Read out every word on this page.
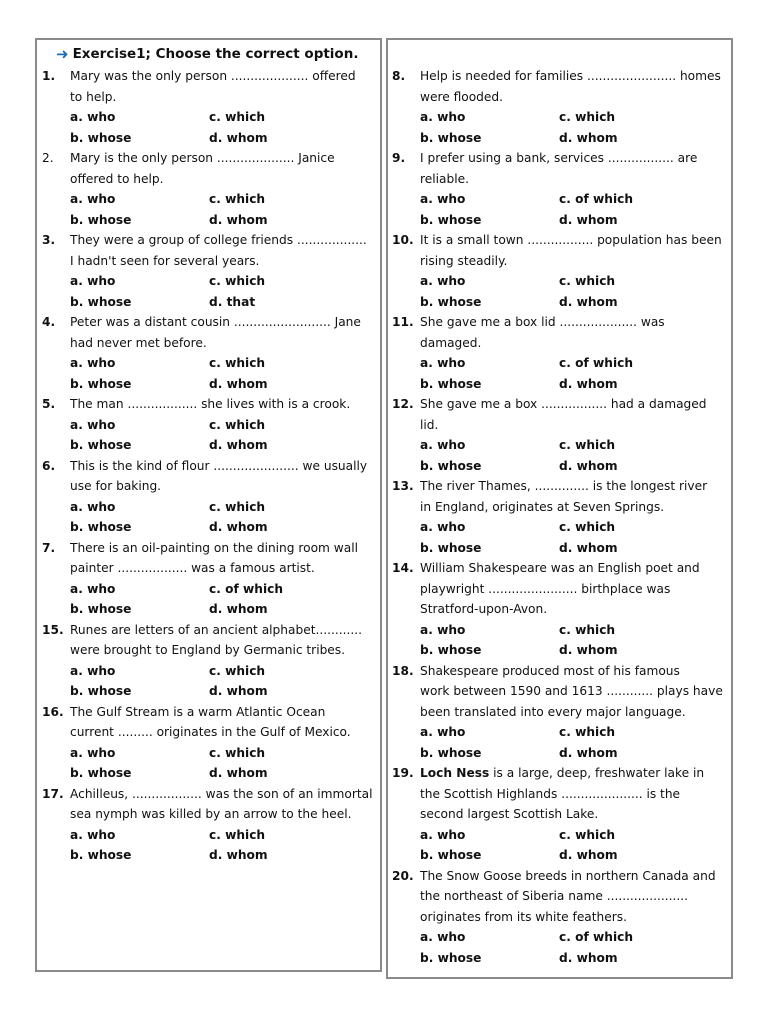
➜ Exercise1; Choose the correct option.
1.	Mary was the only person .................... offered
to help.
a. who	c. which
b. whose	d. whom
2.	Mary is the only person .................... Janice
offered to help.
a. who	c. which
b. whose	d. whom
3.	They were a group of college friends ..................
I hadn't seen for several years.
a. who	c. which
b. whose	d. that
4.	Peter was a distant cousin ......................... Jane
had never met before.
a. who	c. which
b. whose	d. whom
5.	The man .................. she lives with is a crook.
a. who	c. which
b. whose	d. whom
6.	This is the kind of flour ...................... we usually
use for baking.
a. who	c. which
b. whose	d. whom
7.	There is an oil-painting on the dining room wall
painter .................. was a famous artist.
a. who	c. of which
b. whose	d. whom
15. Runes are letters of an ancient alphabet............
were brought to England by Germanic tribes.
a. who	c. which
b. whose	d. whom
16. The Gulf Stream is a warm Atlantic Ocean
current ......... originates in the Gulf of Mexico.
a. who	c. which
b. whose	d. whom
17. Achilleus, .................. was the son of an immortal
sea nymph was killed by an arrow to the heel.
a. who	c. which
b. whose	d. whom
8.	Help is needed for families ....................... homes
were flooded.
a. who	c. which
b. whose	d. whom
9.	I prefer using a bank, services ................. are
reliable.
a. who	c. of which
b. whose	d. whom
10. It is a small town ................. population has been
rising steadily.
a. who	c. which
b. whose	d. whom
11. She gave me a box lid .................... was damaged.
a. who	c. of which
b. whose	d. whom
12. She gave me a box ................. had a damaged lid.
a. who	c. which
b. whose	d. whom
13. The river Thames, .............. is the longest river
in England, originates at Seven Springs.
a. who	c. which
b. whose	d. whom
14. William Shakespeare was an English poet and
playwright ....................... birthplace was
Stratford-upon-Avon.
a. who	c. which
b. whose	d. whom
18. Shakespeare produced most of his famous
work between 1590 and 1613 ............ plays have
been translated into every major language.
a. who	c. which
b. whose	d. whom
19. Loch Ness is a large, deep, freshwater lake in
the Scottish Highlands ..................... is the
second largest Scottish Lake.
a. who	c. which
b. whose	d. whom
20. The Snow Goose breeds in northern Canada and
the northeast of Siberia name .....................
originates from its white feathers.
a. who	c. of which
b. whose	d. whom
